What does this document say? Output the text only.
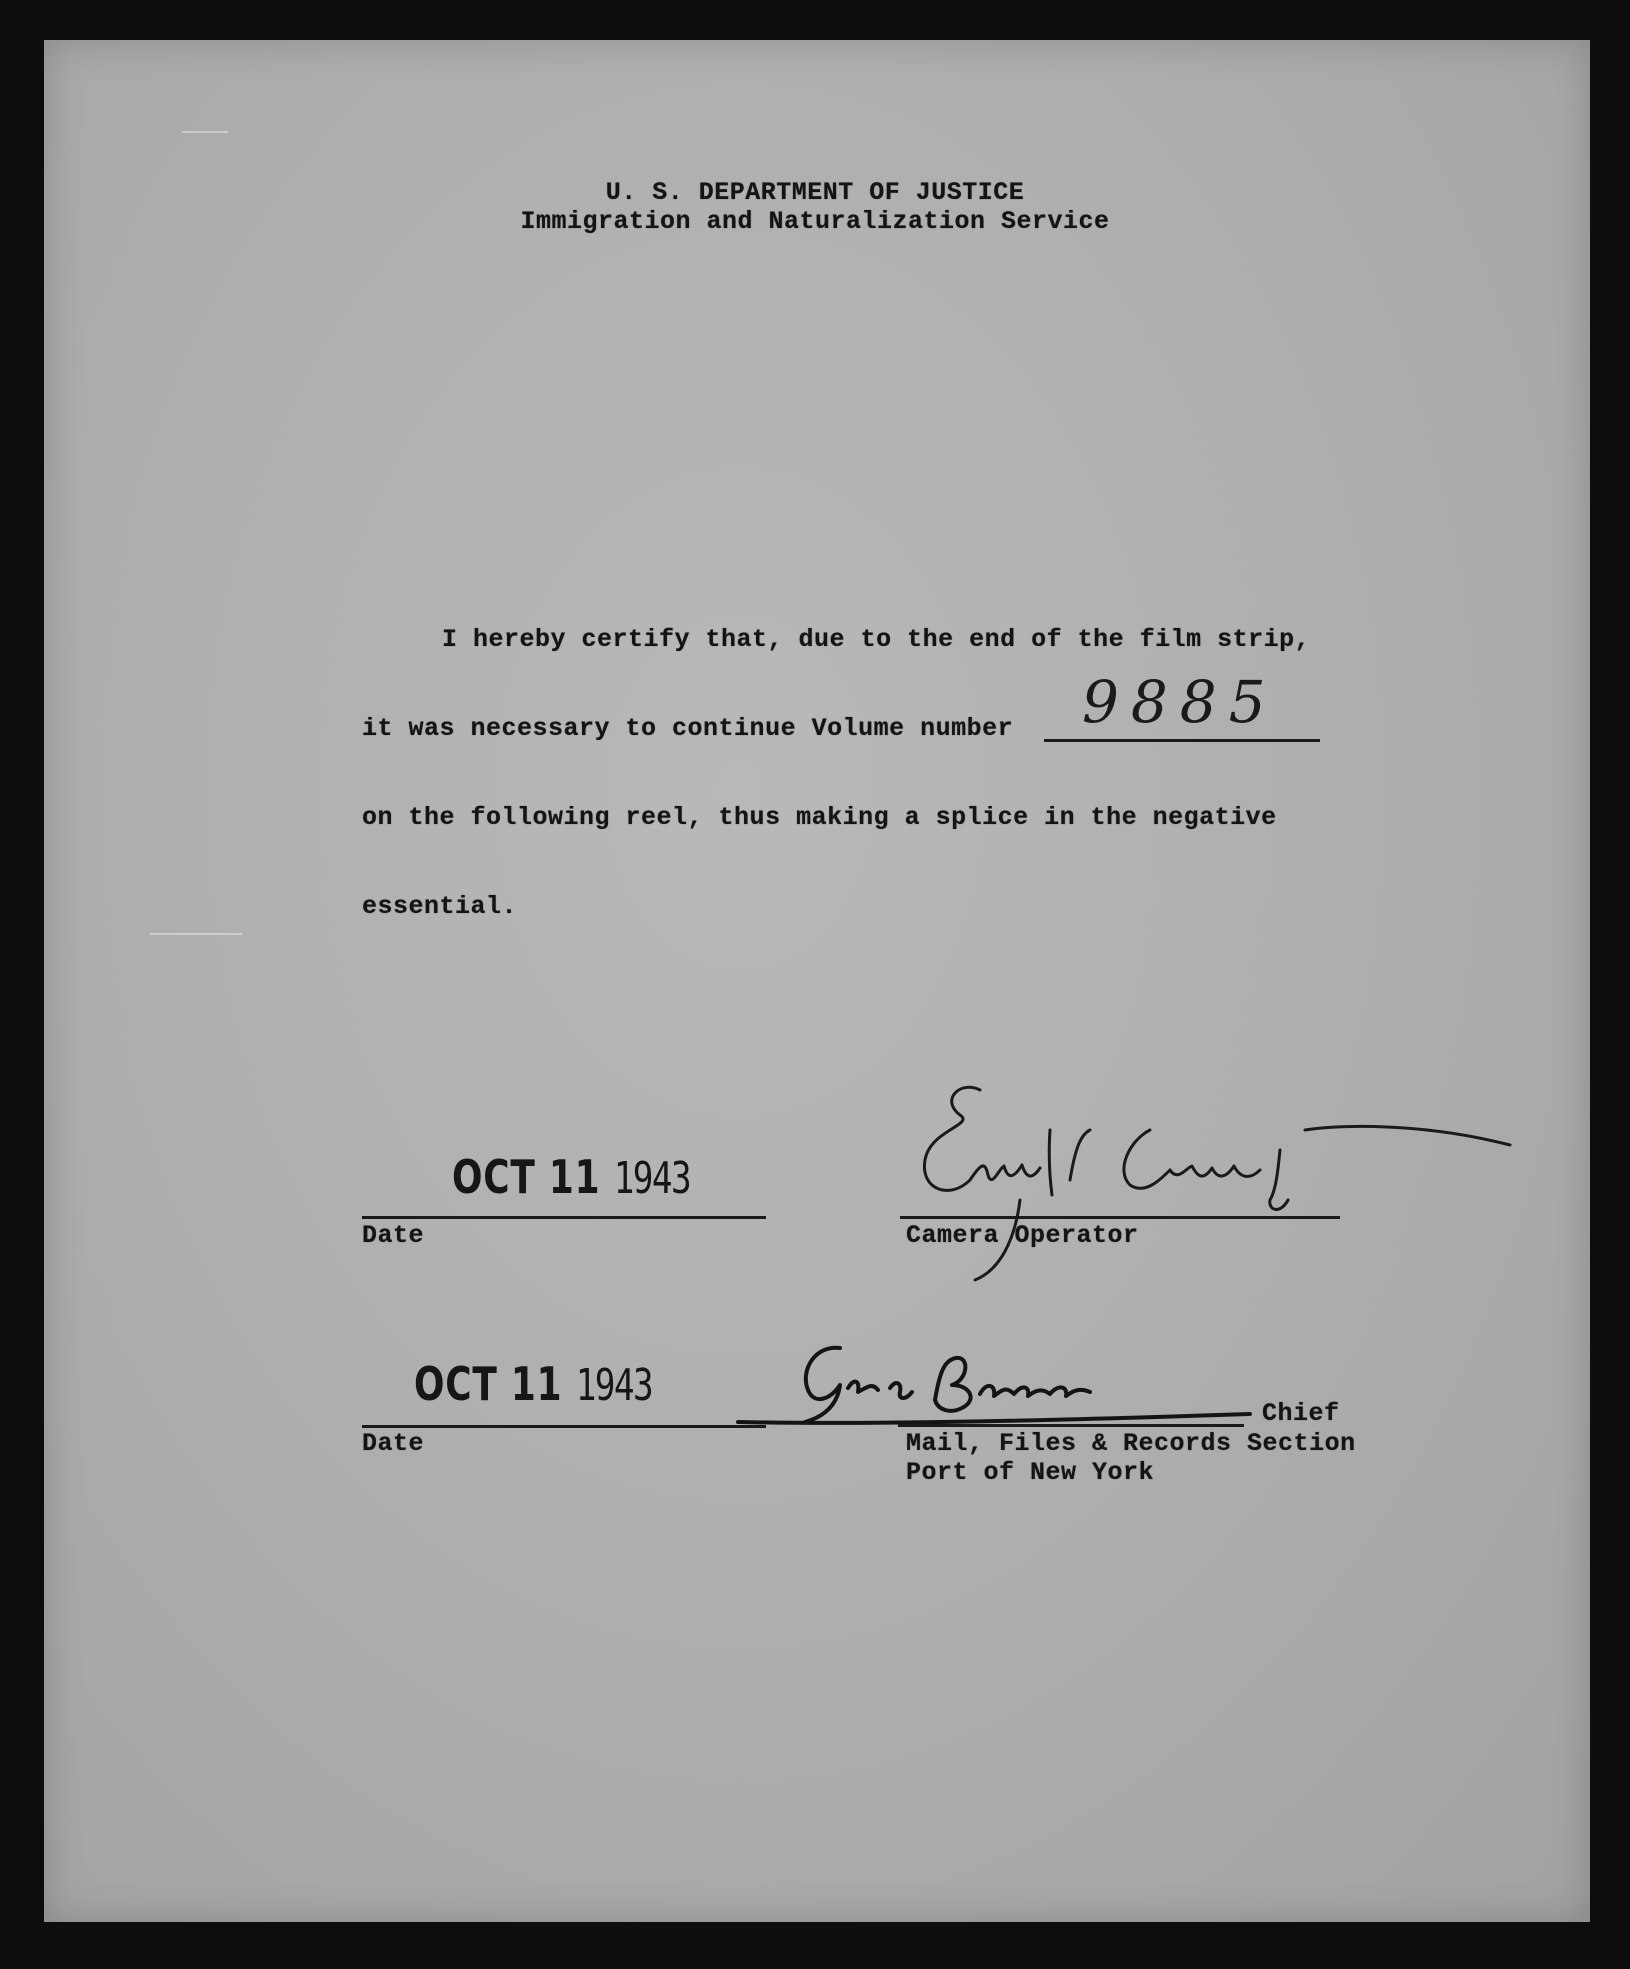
U. S. DEPARTMENT OF JUSTICE
Immigration and Naturalization Service
I hereby certify that, due to the end of the film strip,
it was necessary to continue Volume number 9885
on the following reel, thus making a splice in the negative
essential.
OCT 11 1943
Date	Camera Operator
OCT 11 1943
Date
Chief
Mail, Files & Records Section
Port of New York
